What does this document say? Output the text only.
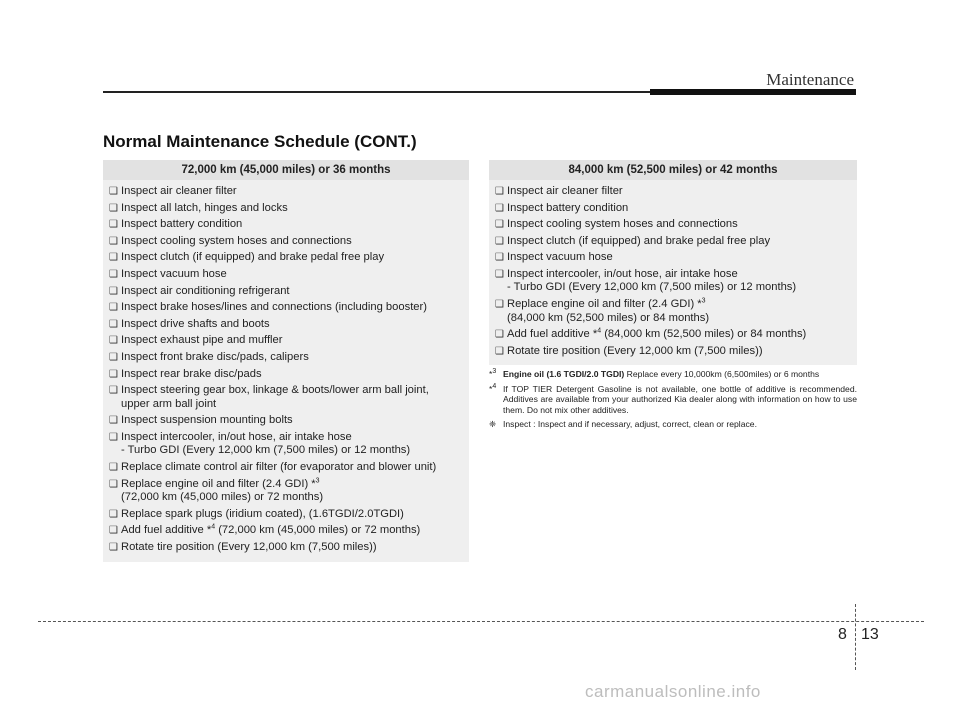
Maintenance
Normal Maintenance Schedule (CONT.)
72,000 km (45,000 miles) or 36 months
❑ Inspect air cleaner filter
❑ Inspect all latch, hinges and locks
❑ Inspect battery condition
❑ Inspect cooling system hoses and connections
❑ Inspect clutch (if equipped) and brake pedal free play
❑ Inspect vacuum hose
❑ Inspect air conditioning refrigerant
❑ Inspect brake hoses/lines and connections (including booster)
❑ Inspect drive shafts and boots
❑ Inspect exhaust pipe and muffler
❑ Inspect front brake disc/pads, calipers
❑ Inspect rear brake disc/pads
❑ Inspect steering gear box, linkage & boots/lower arm ball joint,
upper arm ball joint
❑ Inspect suspension mounting bolts
❑ Inspect intercooler, in/out hose, air intake hose
- Turbo GDI (Every 12,000 km (7,500 miles) or 12 months)
❑ Replace climate control air filter (for evaporator and blower unit)
❑ Replace engine oil and filter (2.4 GDI) *$^3$
(72,000 km (45,000 miles) or 72 months)
❑ Replace spark plugs (iridium coated), (1.6TGDI/2.0TGDI)
❑ Add fuel additive *$^4$ (72,000 km (45,000 miles) or 72 months)
❑ Rotate tire position (Every 12,000 km (7,500 miles))
84,000 km (52,500 miles) or 42 months
❑ Inspect air cleaner filter
❑ Inspect battery condition
❑ Inspect cooling system hoses and connections
❑ Inspect clutch (if equipped) and brake pedal free play
❑ Inspect vacuum hose
❑ Inspect intercooler, in/out hose, air intake hose
- Turbo GDI (Every 12,000 km (7,500 miles) or 12 months)
❑ Replace engine oil and filter (2.4 GDI) *$^3$
(84,000 km (52,500 miles) or 84 months)
❑ Add fuel additive *$^4$ (84,000 km (52,500 miles) or 84 months)
❑ Rotate tire position (Every 12,000 km (7,500 miles))
*$^3$ Engine oil (1.6 TGDI/2.0 TGDI) Replace every 10,000km (6,500miles) or 6 months
*$^4$ If TOP TIER Detergent Gasoline is not available, one bottle of additive is recommended. Additives are available from your authorized Kia dealer along with information on how to use them. Do not mix other additives.
❈ Inspect : Inspect and if necessary, adjust, correct, clean or replace.
8 13
carmanualsonline.info
